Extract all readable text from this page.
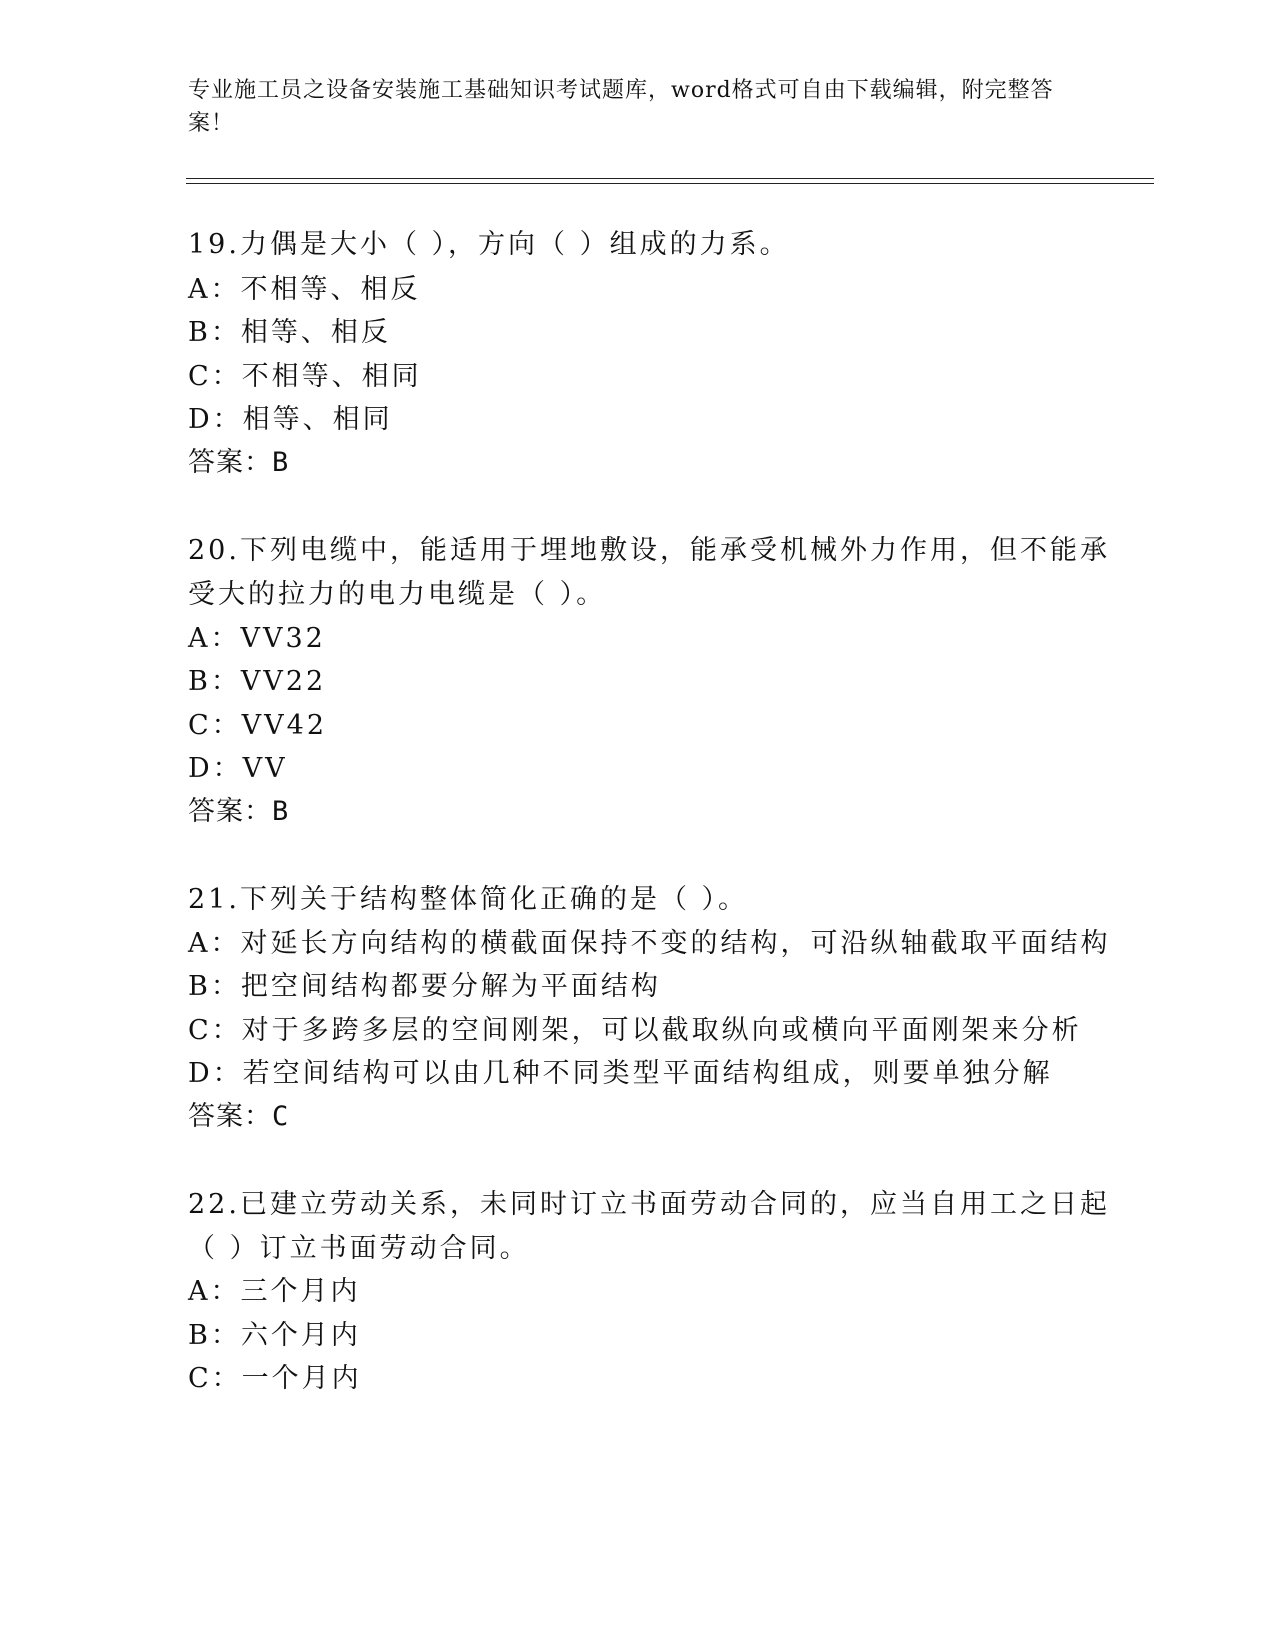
专业施工员之设备安装施工基础知识考试题库，word格式可自由下载编辑，附完整答案！

19.力偶是大小（ ），方向（ ）组成的力系。

A：不相等、相反

B：相等、相反

C：不相等、相同

D：相等、相同

答案：B

20.下列电缆中，能适用于埋地敷设，能承受机械外力作用，但不能承

受大的拉力的电力电缆是（ ）。

A：VV32

B：VV22

C：VV42

D：VV

答案：B

21.下列关于结构整体简化正确的是（ ）。

A：对延长方向结构的横截面保持不变的结构，可沿纵轴截取平面结构

B：把空间结构都要分解为平面结构

C：对于多跨多层的空间刚架，可以截取纵向或横向平面刚架来分析

D：若空间结构可以由几种不同类型平面结构组成，则要单独分解

答案：C

22.已建立劳动关系，未同时订立书面劳动合同的，应当自用工之日起

（ ）订立书面劳动合同。

A：三个月内

B：六个月内

C：一个月内
